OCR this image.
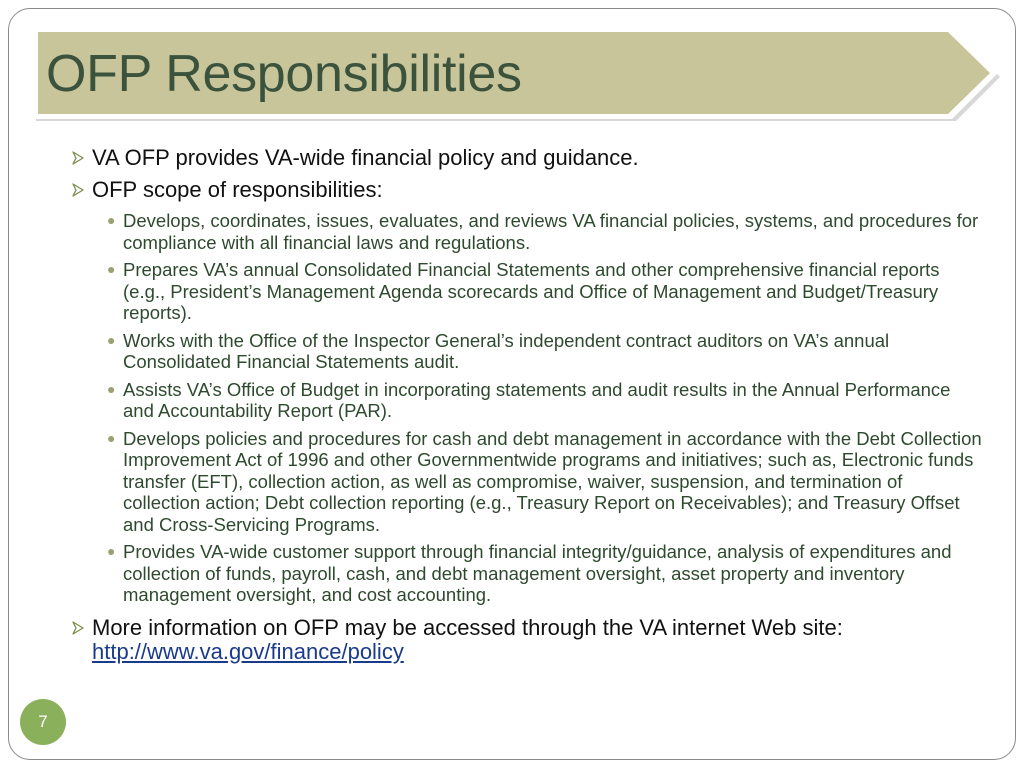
OFP Responsibilities
VA OFP provides VA-wide financial policy and guidance.
OFP scope of responsibilities:
● Develops, coordinates, issues, evaluates, and reviews VA financial policies, systems, and procedures for compliance with all financial laws and regulations.
● Prepares VA’s annual Consolidated Financial Statements and other comprehensive financial reports (e.g., President’s Management Agenda scorecards and Office of Management and Budget/Treasury reports).
● Works with the Office of the Inspector General’s independent contract auditors on VA’s annual Consolidated Financial Statements audit.
● Assists VA’s Office of Budget in incorporating statements and audit results in the Annual Performance and Accountability Report (PAR).
● Develops policies and procedures for cash and debt management in accordance with the Debt Collection Improvement Act of 1996 and other Governmentwide programs and initiatives; such as, Electronic funds transfer (EFT), collection action, as well as compromise, waiver, suspension, and termination of collection action; Debt collection reporting (e.g., Treasury Report on Receivables); and Treasury Offset and Cross-Servicing Programs.
● Provides VA-wide customer support through financial integrity/guidance, analysis of expenditures and collection of funds, payroll, cash, and debt management oversight, asset property and inventory management oversight, and cost accounting.
More information on OFP may be accessed through the VA internet Web site: http://www.va.gov/finance/policy
7
